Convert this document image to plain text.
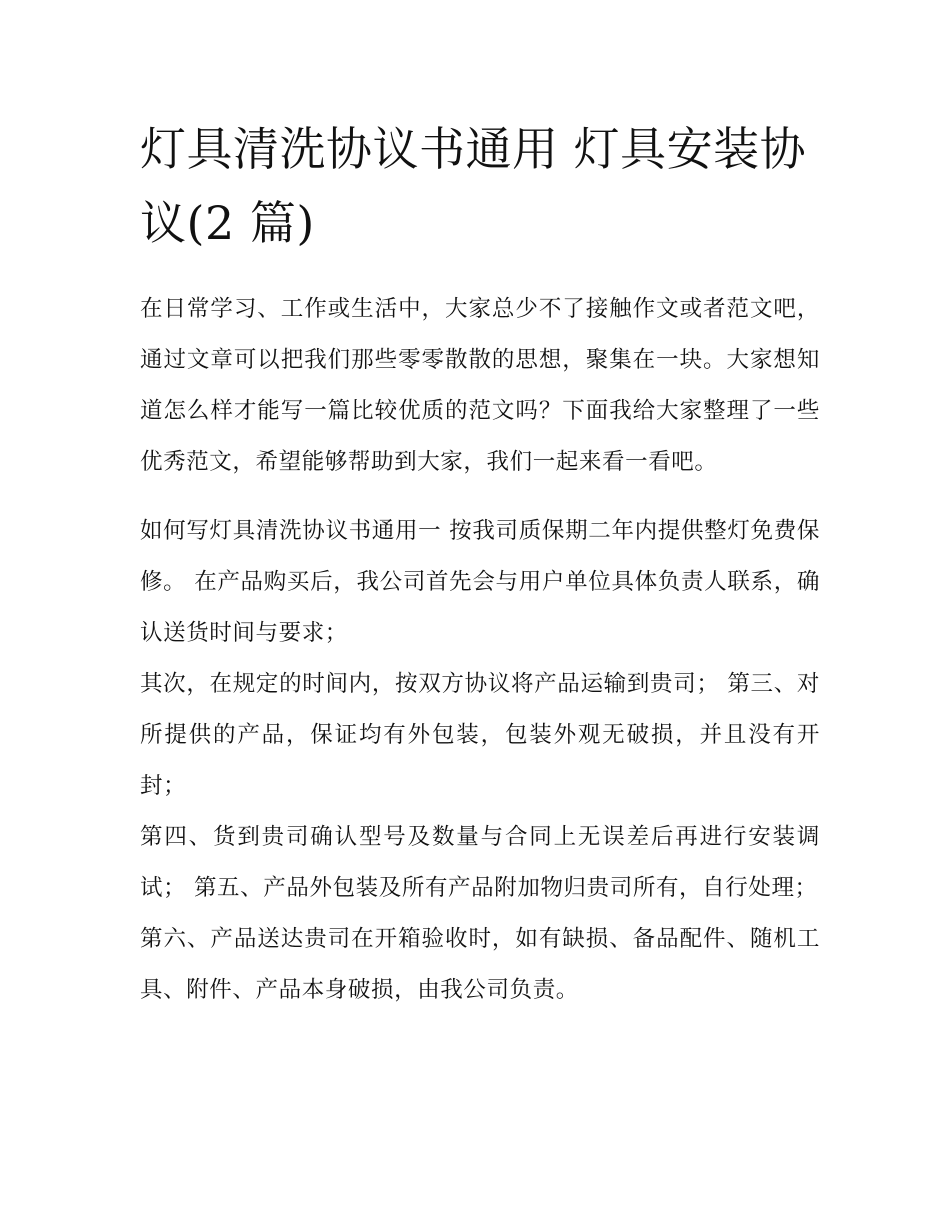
灯具清洗协议书通用 灯具安装协议(2 篇)

在日常学习、工作或生活中，大家总少不了接触作文或者范文吧，通过文章可以把我们那些零零散散的思想，聚集在一块。大家想知道怎么样才能写一篇比较优质的范文吗？下面我给大家整理了一些优秀范文，希望能够帮助到大家，我们一起来看一看吧。

如何写灯具清洗协议书通用一 按我司质保期二年内提供整灯免费保修。 在产品购买后，我公司首先会与用户单位具体负责人联系，确认送货时间与要求；

其次，在规定的时间内，按双方协议将产品运输到贵司； 第三、对所提供的产品，保证均有外包装，包装外观无破损，并且没有开封；

第四、货到贵司确认型号及数量与合同上无误差后再进行安装调试； 第五、产品外包装及所有产品附加物归贵司所有，自行处理；

第六、产品送达贵司在开箱验收时，如有缺损、备品配件、随机工具、附件、产品本身破损，由我公司负责。
